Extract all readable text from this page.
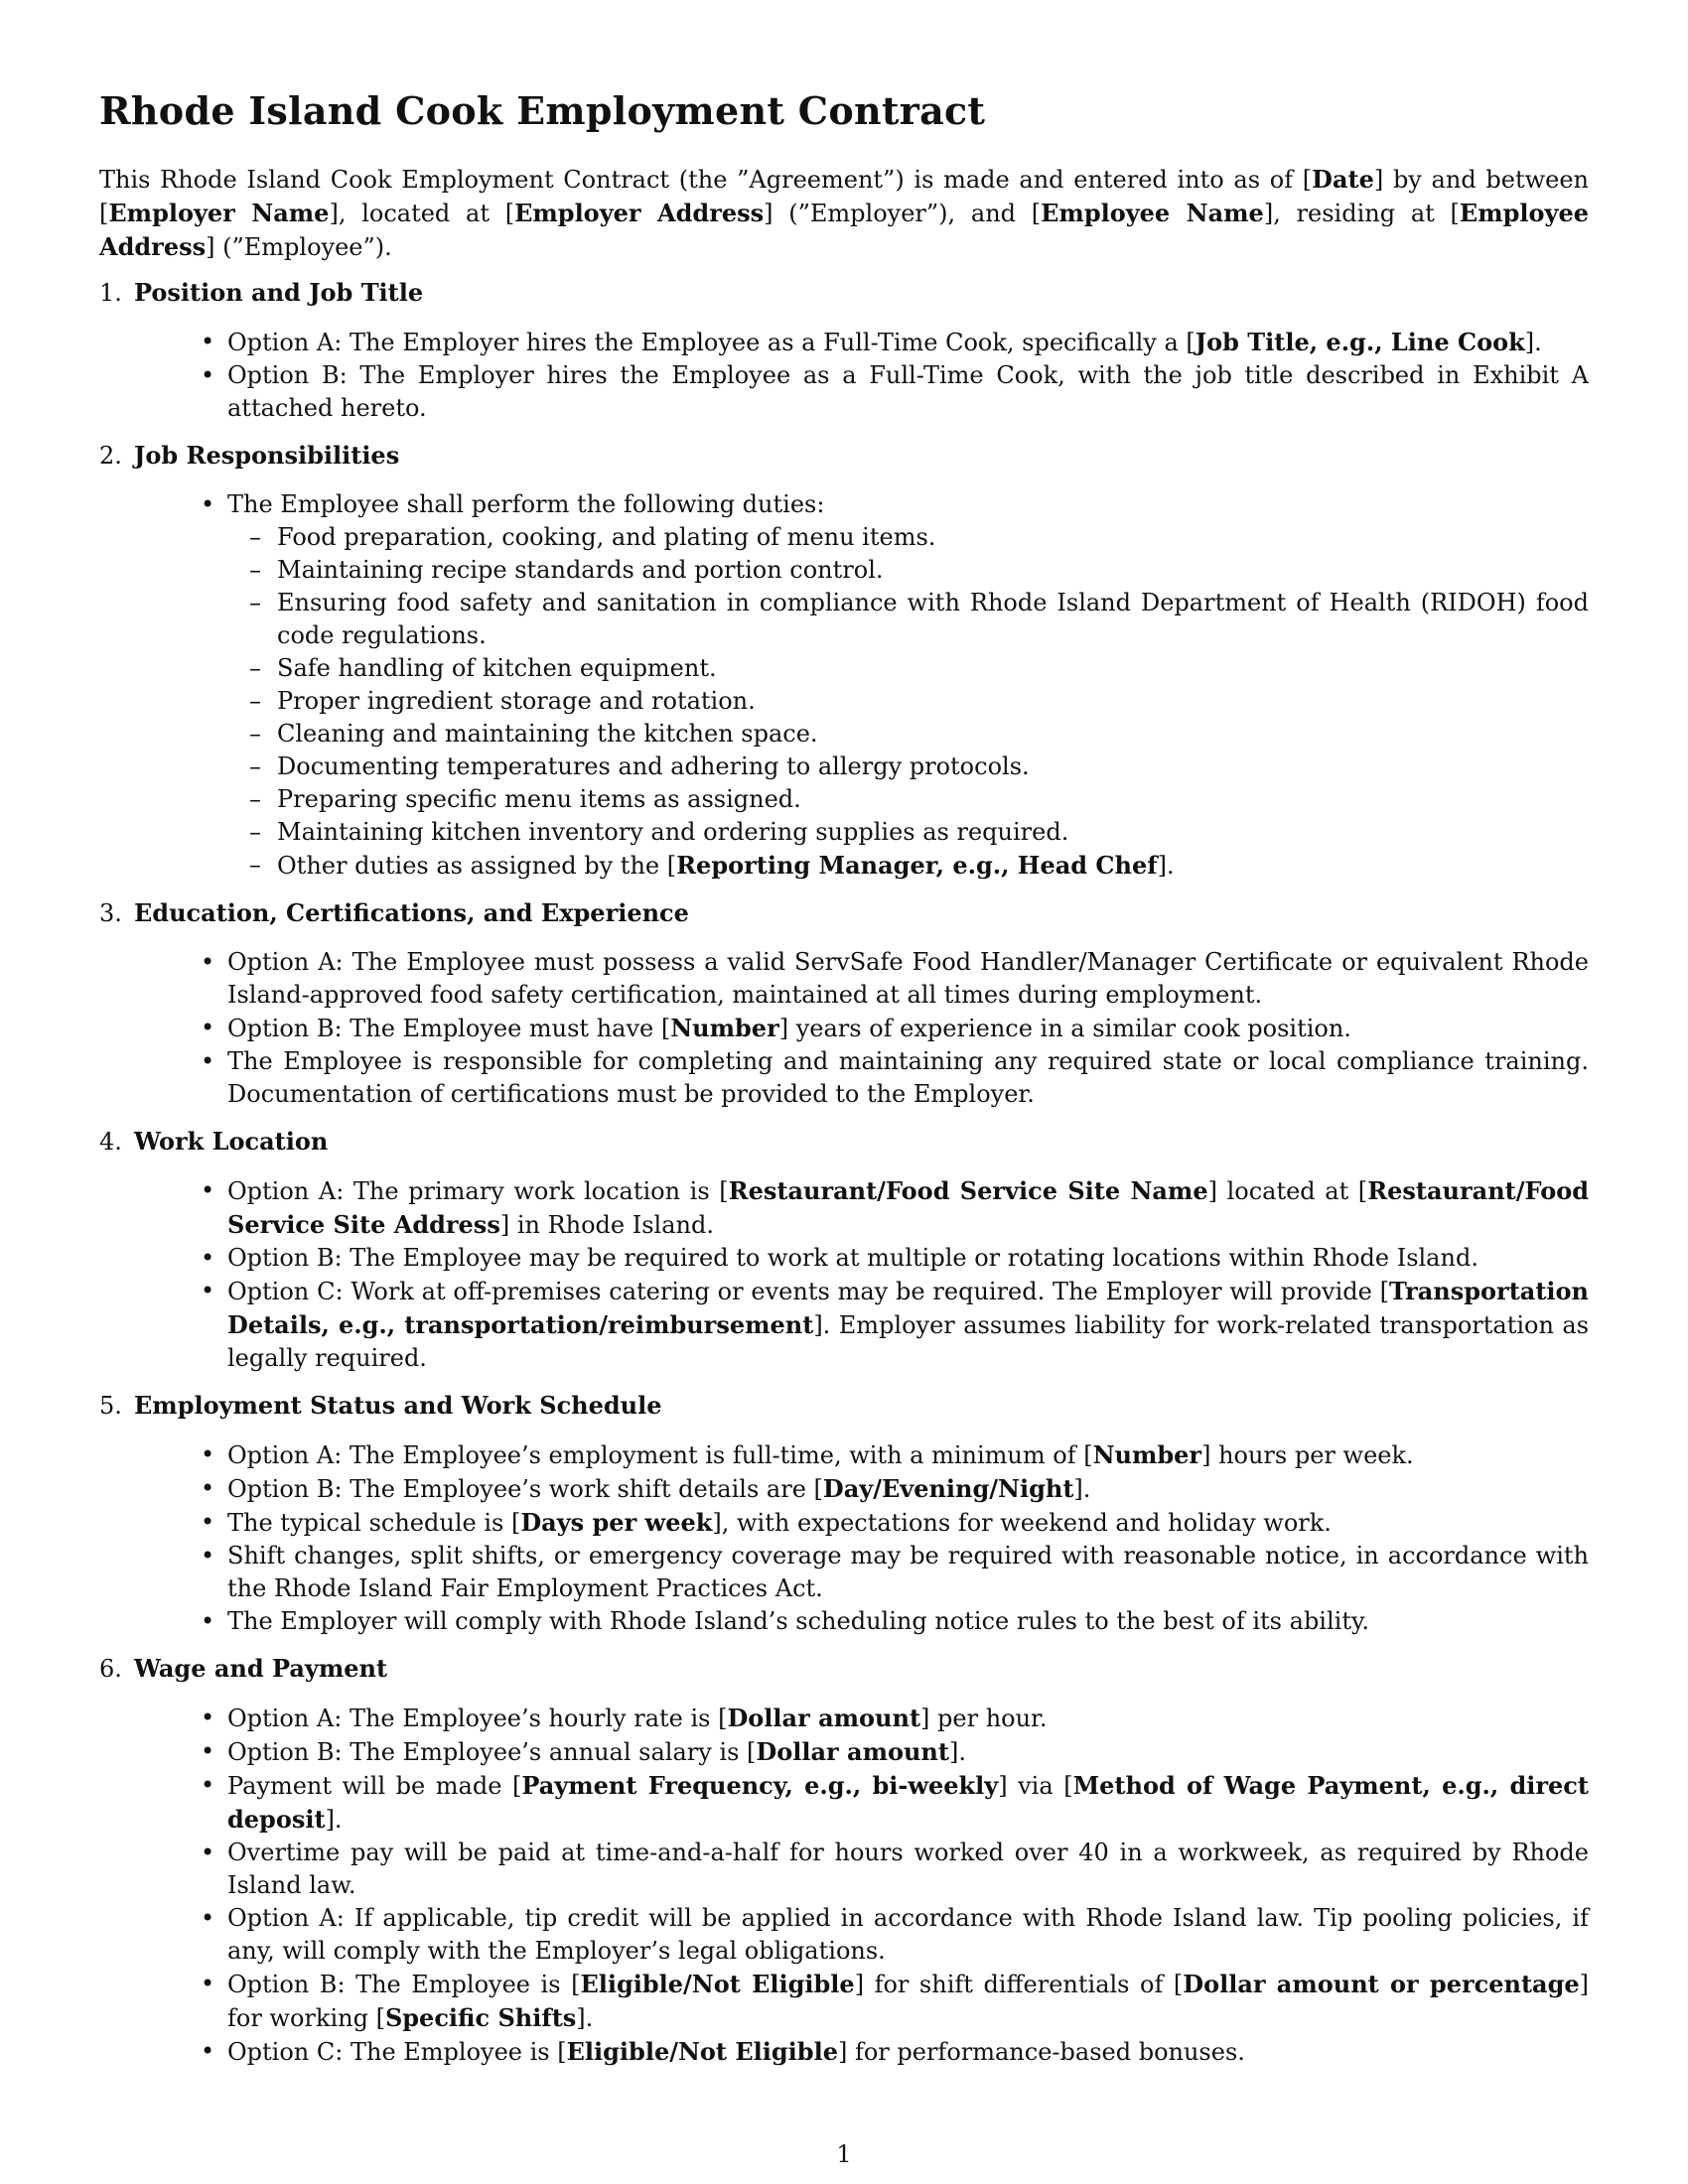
Rhode Island Cook Employment Contract

This Rhode Island Cook Employment Contract (the ”Agreement”) is made and entered into as of [Date] by and between [Employer Name], located at [Employer Address] (”Employer”), and [Employee Name], residing at [Employee Address] (”Employee”).

1. Position and Job Title
• Option A: The Employer hires the Employee as a Full-Time Cook, specifically a [Job Title, e.g., Line Cook].
• Option B: The Employer hires the Employee as a Full-Time Cook, with the job title described in Exhibit A attached hereto.
2. Job Responsibilities
• The Employee shall perform the following duties:
– Food preparation, cooking, and plating of menu items.
– Maintaining recipe standards and portion control.
– Ensuring food safety and sanitation in compliance with Rhode Island Department of Health (RIDOH) food code regulations.
– Safe handling of kitchen equipment.
– Proper ingredient storage and rotation.
– Cleaning and maintaining the kitchen space.
– Documenting temperatures and adhering to allergy protocols.
– Preparing specific menu items as assigned.
– Maintaining kitchen inventory and ordering supplies as required.
– Other duties as assigned by the [Reporting Manager, e.g., Head Chef].
3. Education, Certifications, and Experience
• Option A: The Employee must possess a valid ServSafe Food Handler/Manager Certificate or equivalent Rhode Island-approved food safety certification, maintained at all times during employment.
• Option B: The Employee must have [Number] years of experience in a similar cook position.
• The Employee is responsible for completing and maintaining any required state or local compliance training. Documentation of certifications must be provided to the Employer.
4. Work Location
• Option A: The primary work location is [Restaurant/Food Service Site Name] located at [Restaurant/Food Service Site Address] in Rhode Island.
• Option B: The Employee may be required to work at multiple or rotating locations within Rhode Island.
• Option C: Work at off-premises catering or events may be required. The Employer will provide [Transportation Details, e.g., transportation/reimbursement]. Employer assumes liability for work-related transportation as legally required.
5. Employment Status and Work Schedule
• Option A: The Employee’s employment is full-time, with a minimum of [Number] hours per week.
• Option B: The Employee’s work shift details are [Day/Evening/Night].
• The typical schedule is [Days per week], with expectations for weekend and holiday work.
• Shift changes, split shifts, or emergency coverage may be required with reasonable notice, in accordance with the Rhode Island Fair Employment Practices Act.
• The Employer will comply with Rhode Island’s scheduling notice rules to the best of its ability.
6. Wage and Payment
• Option A: The Employee’s hourly rate is [Dollar amount] per hour.
• Option B: The Employee’s annual salary is [Dollar amount].
• Payment will be made [Payment Frequency, e.g., bi-weekly] via [Method of Wage Payment, e.g., direct deposit].
• Overtime pay will be paid at time-and-a-half for hours worked over 40 in a workweek, as required by Rhode Island law.
• Option A: If applicable, tip credit will be applied in accordance with Rhode Island law. Tip pooling policies, if any, will comply with the Employer’s legal obligations.
• Option B: The Employee is [Eligible/Not Eligible] for shift differentials of [Dollar amount or percentage] for working [Specific Shifts].
• Option C: The Employee is [Eligible/Not Eligible] for performance-based bonuses.
1
